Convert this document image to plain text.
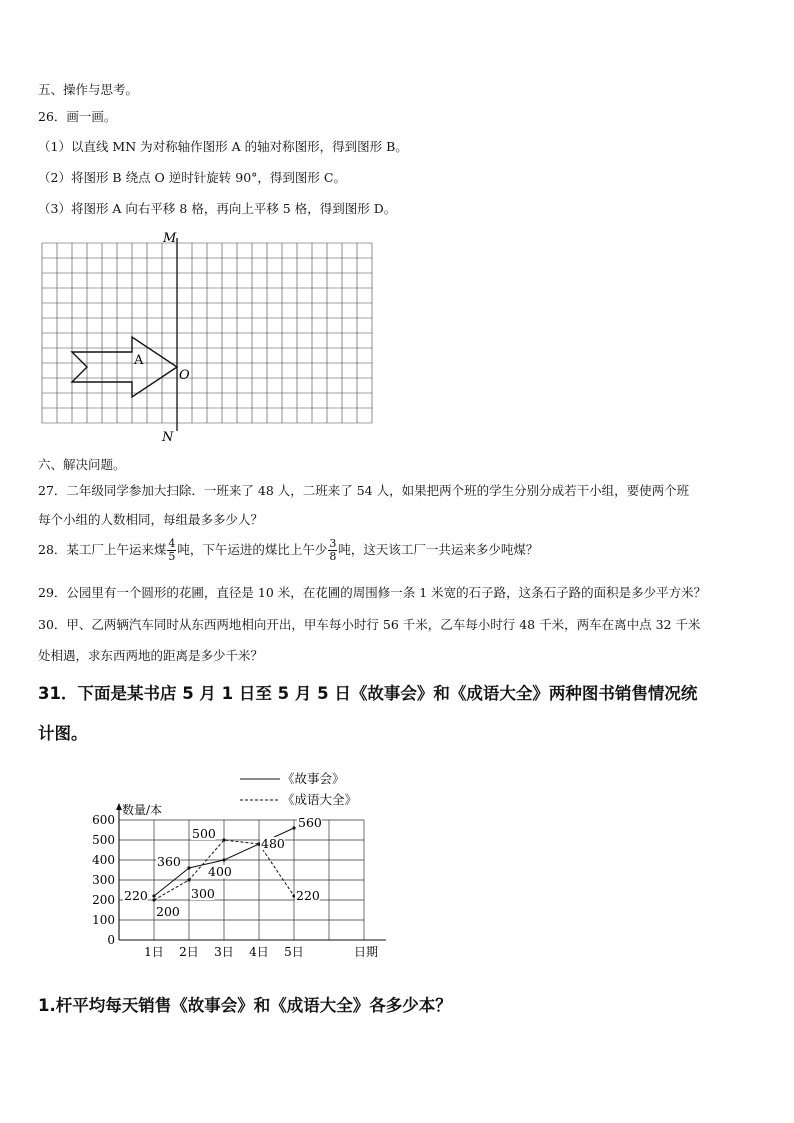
五、操作与思考。
26．画一画。
（1）以直线 MN 为对称轴作图形 A 的轴对称图形，得到图形 B。
（2）将图形 B 绕点 O 逆时针旋转 90°，得到图形 C。
（3）将图形 A 向右平移 8 格，再向上平移 5 格，得到图形 D。
M
N
O
A
六、解决问题。
27．二年级同学参加大扫除．一班来了 48 人，二班来了 54 人，如果把两个班的学生分别分成若干小组，要使两个班
每个小组的人数相同，每组最多多少人？
28．某工厂上午运来煤 $\frac{4}{5}$ 吨，下午运进的煤比上午少 $\frac{3}{8}$ 吨，这天该工厂一共运来多少吨煤？
29．公园里有一个圆形的花圃，直径是 10 米，在花圃的周围修一条 1 米宽的石子路，这条石子路的面积是多少平方米？
30．甲、乙两辆汽车同时从东西两地相向开出，甲车每小时行 56 千米，乙车每小时行 48 千米，两车在离中点 32 千米
处相遇，求东西两地的距离是多少千米？
31．下面是某书店 5 月 1 日至 5 月 5 日《故事会》和《成语大全》两种图书销售情况统
计图。
0
100
200
300
400
500
600
1日 2日 3日 4日 5日
数量/本
日期
220
360
400
480
560
200
300
500
220
《故事会》
《成语大全》
1.杆平均每天销售《故事会》和《成语大全》各多少本？
